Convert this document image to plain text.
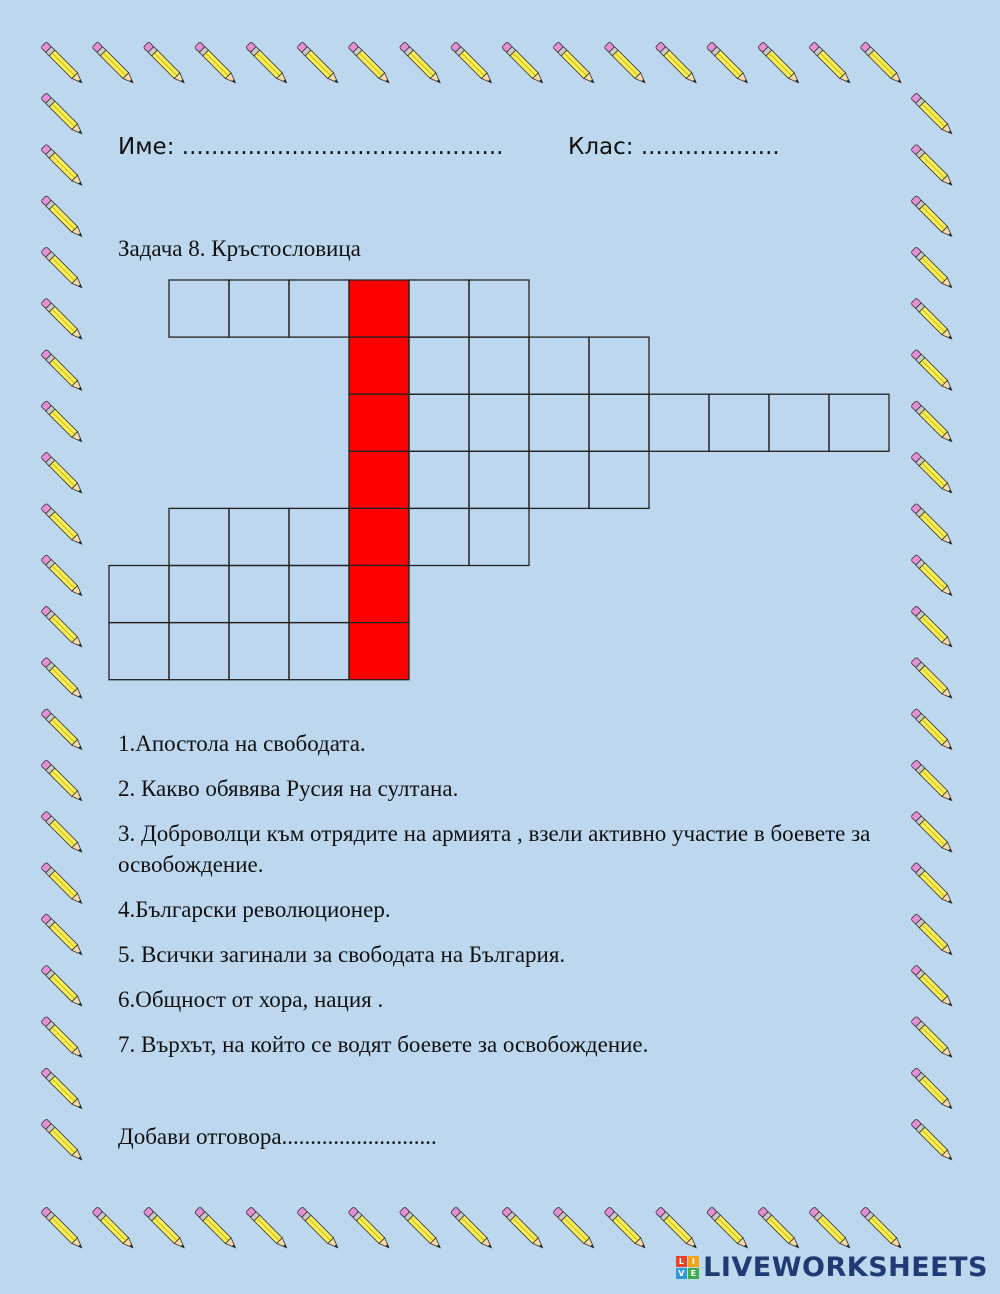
Име: ............................................	Клас: ...................
Задача 8. Кръстословица
1.Апостола на свободата.
2. Какво обявява Русия на султана.
3. Доброволци към отрядите на армията , взели активно участие в боевете за освобождение.
4.Български революционер.
5. Всички загинали за свободата на България.
6.Общност от хора, нация .
7. Върхът, на който се водят боевете за освобождение.
Добави отговора...........................
L I
V E LIVEWORKSHEETS
